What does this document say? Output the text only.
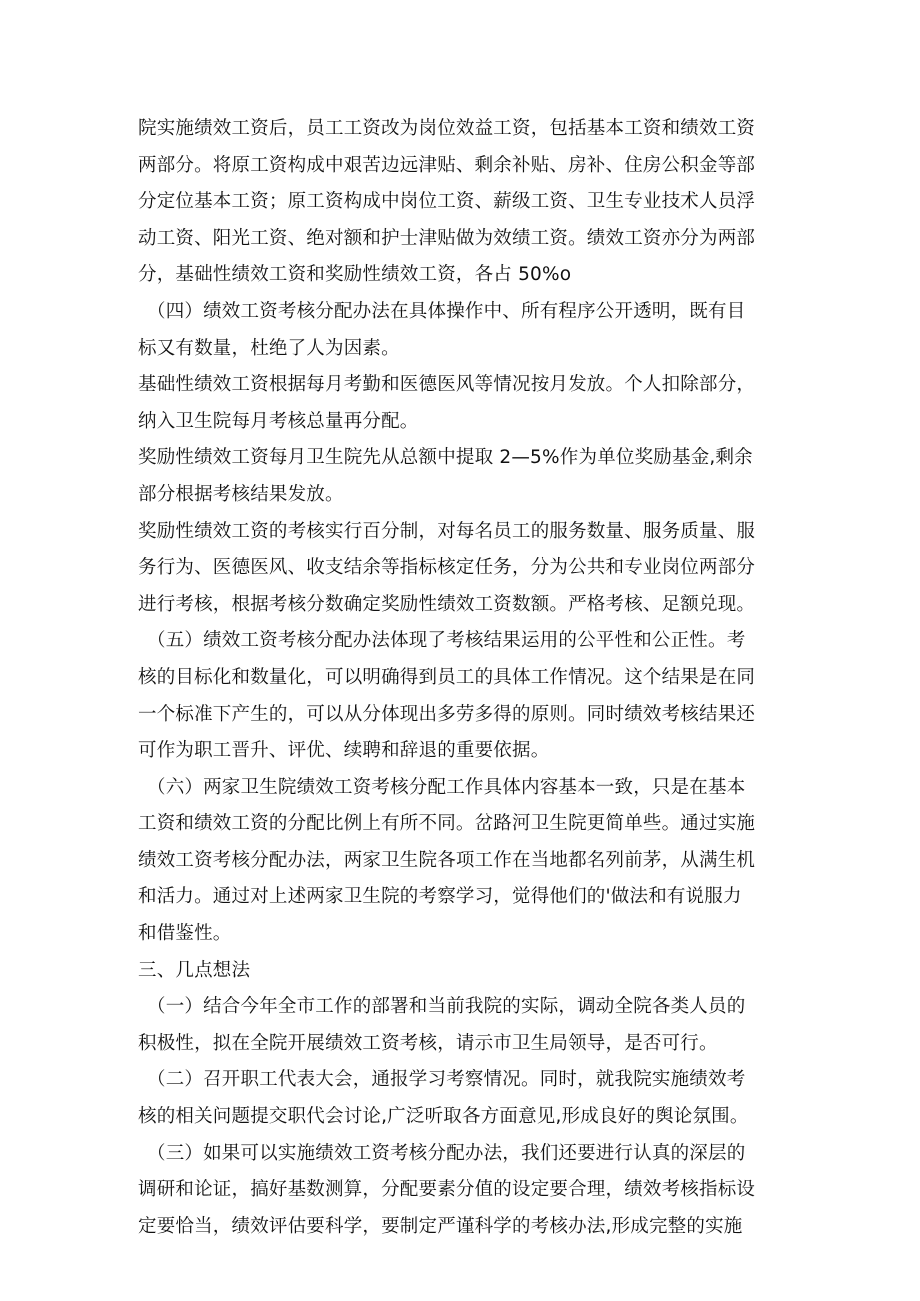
院实施绩效工资后，员工工资改为岗位效益工资，包括基本工资和绩效工资
两部分。将原工资构成中艰苦边远津贴、剩余补贴、房补、住房公积金等部
分定位基本工资；原工资构成中岗位工资、薪级工资、卫生专业技术人员浮
动工资、阳光工资、绝对额和护士津贴做为效绩工资。绩效工资亦分为两部
分，基础性绩效工资和奖励性绩效工资，各占 50%o
（四）绩效工资考核分配办法在具体操作中、所有程序公开透明，既有目
标又有数量，杜绝了人为因素。
基础性绩效工资根据每月考勤和医德医风等情况按月发放。个人扣除部分，
纳入卫生院每月考核总量再分配。
奖励性绩效工资每月卫生院先从总额中提取 2—5%作为单位奖励基金,剩余
部分根据考核结果发放。
奖励性绩效工资的考核实行百分制，对每名员工的服务数量、服务质量、服
务行为、医德医风、收支结余等指标核定任务，分为公共和专业岗位两部分
进行考核，根据考核分数确定奖励性绩效工资数额。严格考核、足额兑现。
（五）绩效工资考核分配办法体现了考核结果运用的公平性和公正性。考
核的目标化和数量化，可以明确得到员工的具体工作情况。这个结果是在同
一个标准下产生的，可以从分体现出多劳多得的原则。同时绩效考核结果还
可作为职工晋升、评优、续聘和辞退的重要依据。
（六）两家卫生院绩效工资考核分配工作具体内容基本一致，只是在基本
工资和绩效工资的分配比例上有所不同。岔路河卫生院更简单些。通过实施
绩效工资考核分配办法，两家卫生院各项工作在当地都名列前茅，从满生机
和活力。通过对上述两家卫生院的考察学习，觉得他们的'做法和有说服力
和借鉴性。
三、几点想法
（一）结合今年全市工作的部署和当前我院的实际，调动全院各类人员的
积极性，拟在全院开展绩效工资考核，请示市卫生局领导，是否可行。
（二）召开职工代表大会，通报学习考察情况。同时，就我院实施绩效考
核的相关问题提交职代会讨论,广泛听取各方面意见,形成良好的舆论氛围。
（三）如果可以实施绩效工资考核分配办法，我们还要进行认真的深层的
调研和论证，搞好基数测算，分配要素分值的设定要合理，绩效考核指标设
定要恰当，绩效评估要科学，要制定严谨科学的考核办法,形成完整的实施
